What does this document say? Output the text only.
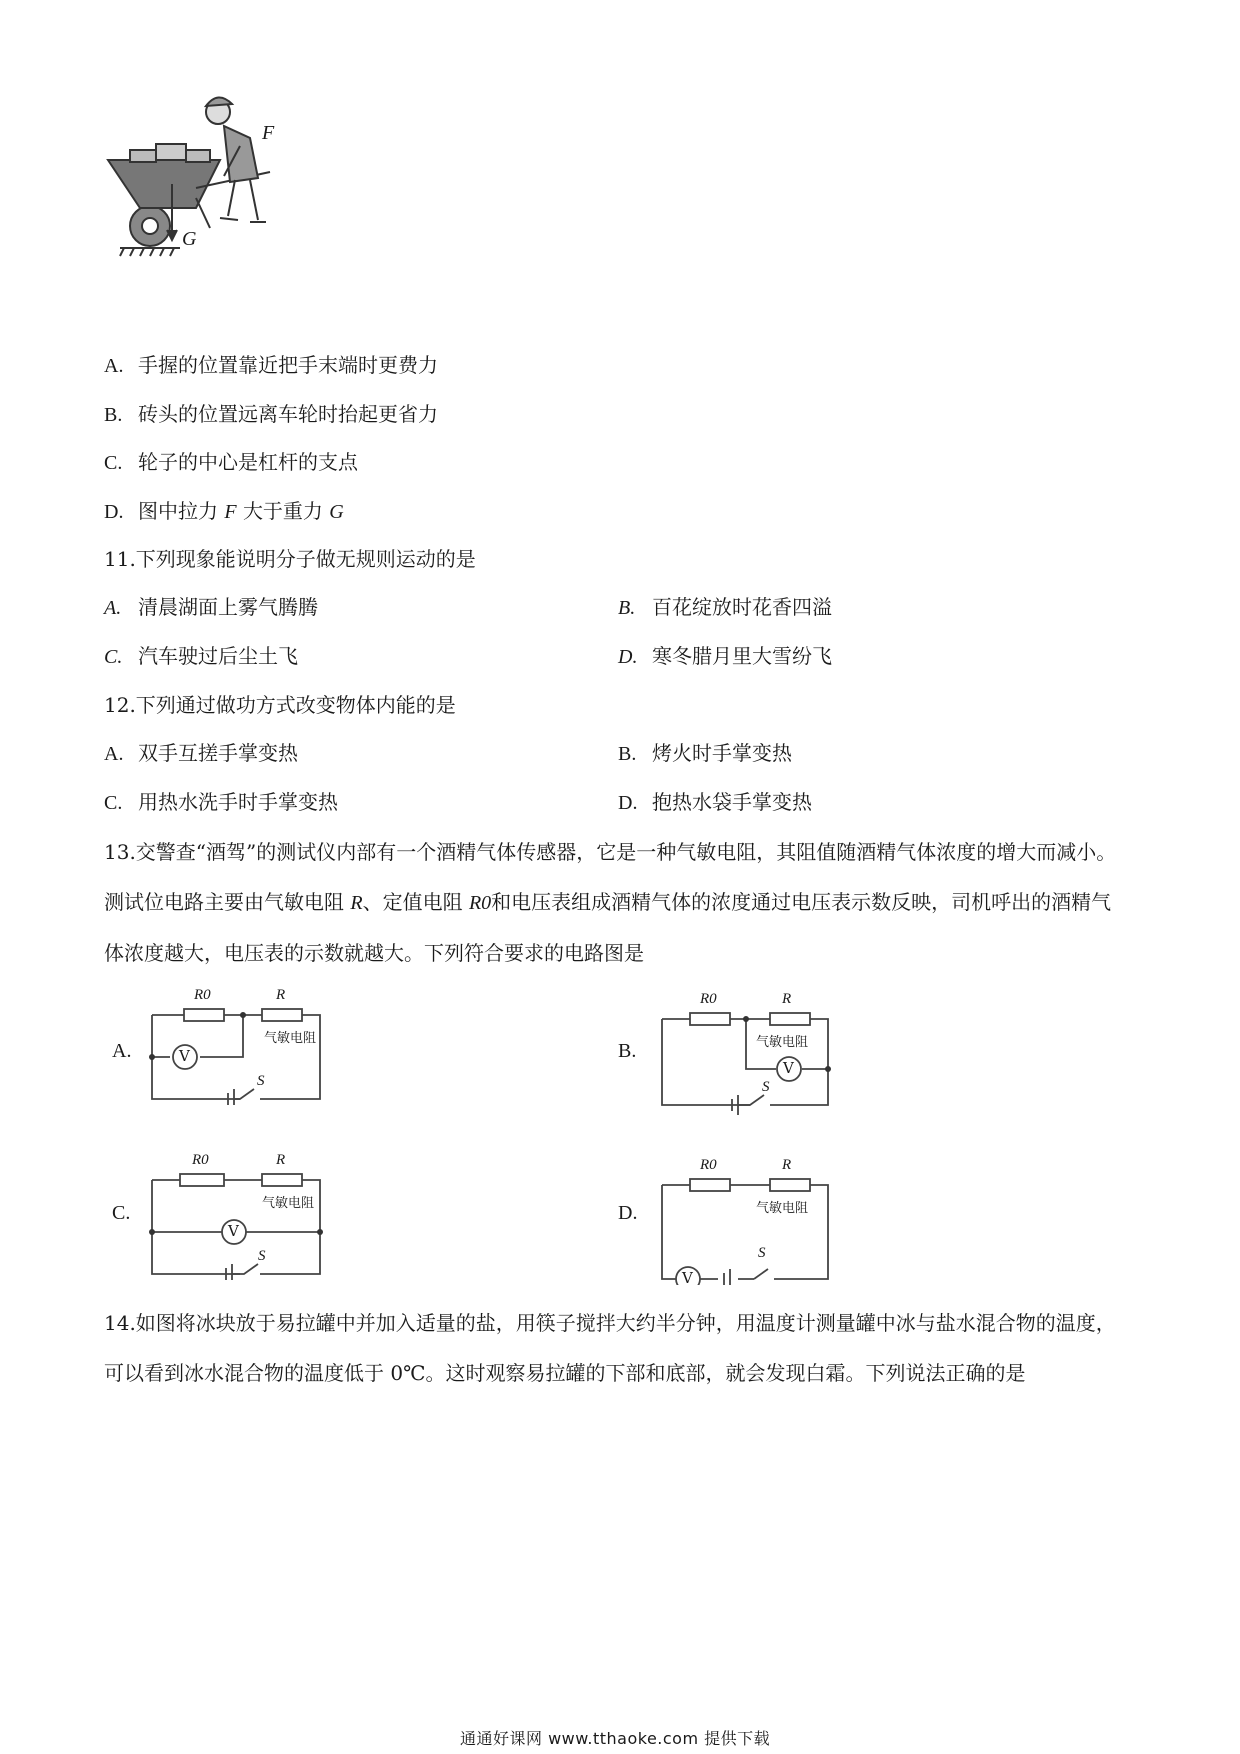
F
G
A. 手握的位置靠近把手末端时更费力
B. 砖头的位置远离车轮时抬起更省力
C. 轮子的中心是杠杆的支点
D. 图中拉力 F 大于重力 G
11.下列现象能说明分子做无规则运动的是
A. 清晨湖面上雾气腾腾	B. 百花绽放时花香四溢
C. 汽车驶过后尘土飞	D. 寒冬腊月里大雪纷飞
12.下列通过做功方式改变物体内能的是
A. 双手互搓手掌变热	B. 烤火时手掌变热
C. 用热水洗手时手掌变热	D. 抱热水袋手掌变热
13.交警查“酒驾”的测试仪内部有一个酒精气体传感器，它是一种气敏电阻，其阻值随酒精气体浓度的增大而减小。测试位电路主要由气敏电阻 R、定值电阻 R0和电压表组成酒精气体的浓度通过电压表示数反映，司机呼出的酒精气体浓度越大，电压表的示数就越大。下列符合要求的电路图是
A.	B.
C.	D.
V
R0	R
气敏电阻
S
V
R0	R
气敏电阻
S
V
R0	R
气敏电阻
S
V
R0	R
气敏电阻
S
14.如图将冰块放于易拉罐中并加入适量的盐，用筷子搅拌大约半分钟，用温度计测量罐中冰与盐水混合物的温度，可以看到冰水混合物的温度低于 0℃。这时观察易拉罐的下部和底部，就会发现白霜。下列说法正确的是
通通好课网 www.tthaoke.com 提供下载
